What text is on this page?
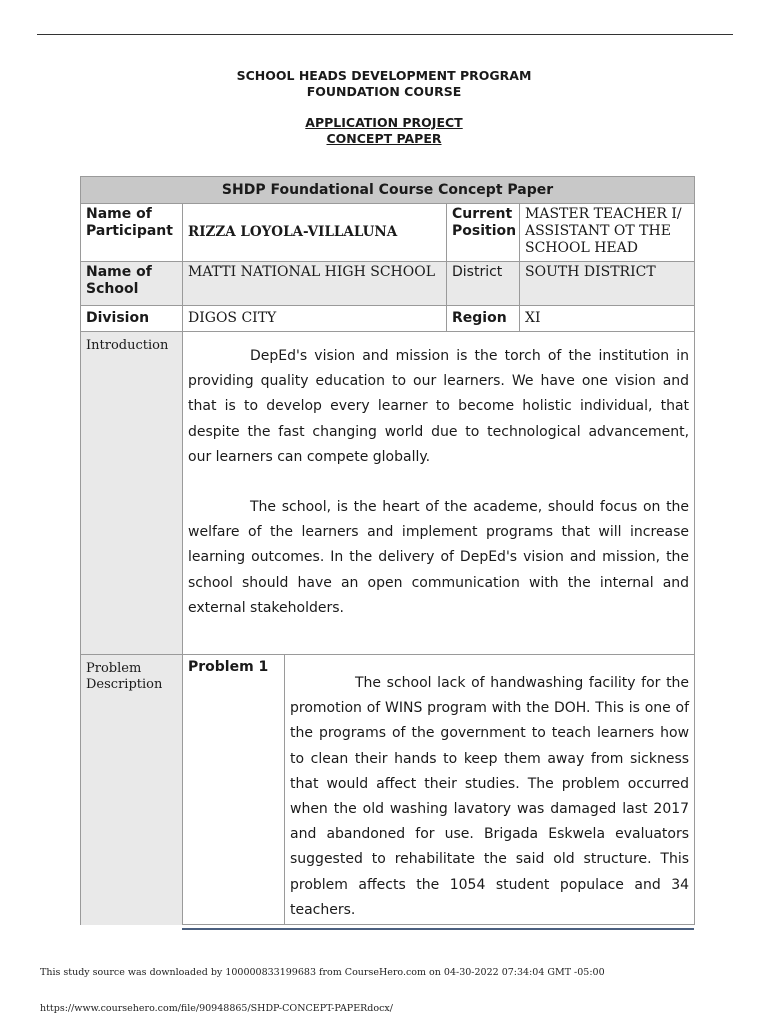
SCHOOL HEADS DEVELOPMENT PROGRAM
FOUNDATION COURSE
APPLICATION PROJECT
CONCEPT PAPER
SHDP Foundational Course Concept Paper				
Name of Participant	RIZZA LOYOLA-VILLALUNA		Current Position	MASTER TEACHER I/ ASSISTANT OT THE SCHOOL HEAD
Name of School	MATTI NATIONAL HIGH SCHOOL		District	SOUTH DISTRICT
Division	DIGOS CITY		Region	XI
Introduction	DepEd's vision and mission is the torch of the institution in providing quality education to our learners. We have one vision and that is to develop every learner to become holistic individual, that despite the fast changing world due to technological advancement, our learners can compete globally.

The school, is the heart of the academe, should focus on the welfare of the learners and implement programs that will increase learning outcomes. In the delivery of DepEd's vision and mission, the school should have an open communication with the internal and external stakeholders.			

Problem Description	Problem 1	The school lack of handwashing facility for the promotion of WINS program with the DOH. This is one of the programs of the government to teach learners how to clean their hands to keep them away from sickness that would affect their studies. The problem occurred when the old washing lavatory was damaged last 2017 and abandoned for use. Brigada Eskwela evaluators suggested to rehabilitate the said old structure. This problem affects the 1054 student populace and 34 teachers.		

This study source was downloaded by 100000833199683 from CourseHero.com on 04-30-2022 07:34:04 GMT -05:00
https://www.coursehero.com/file/90948865/SHDP-CONCEPT-PAPERdocx/
